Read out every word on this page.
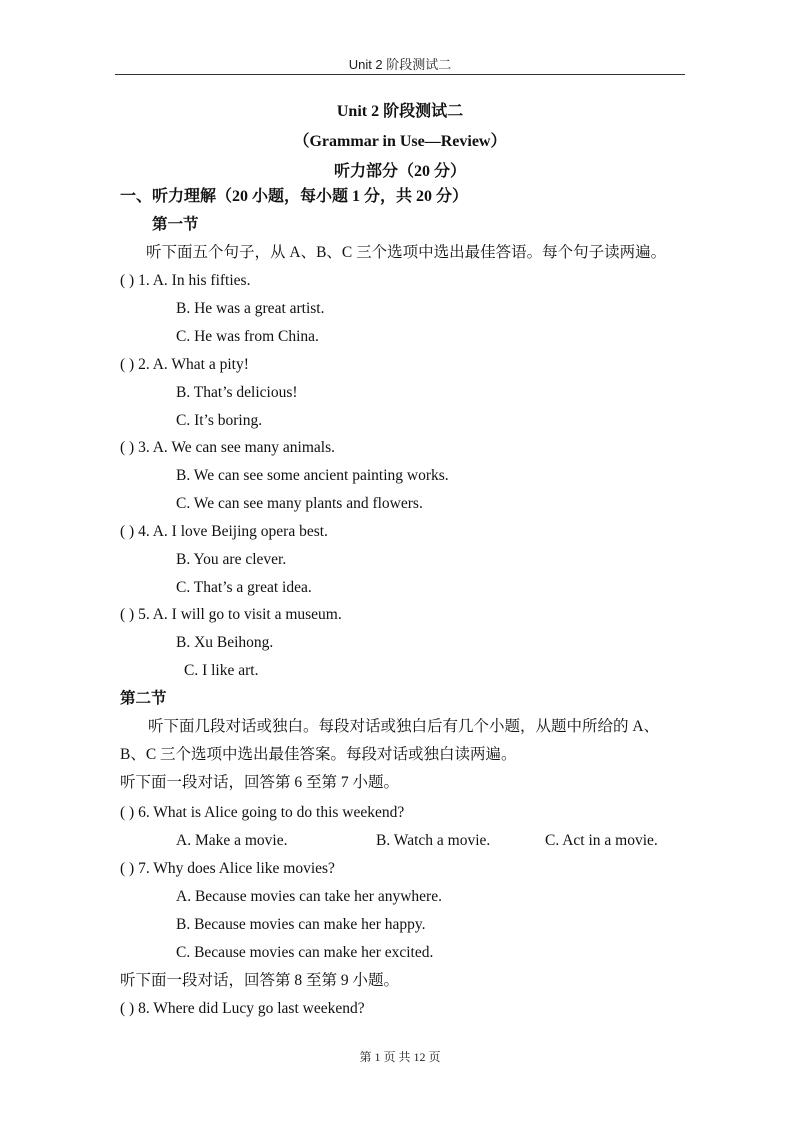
Unit 2 阶段测试二
Unit 2 阶段测试二
（Grammar in Use—Review）
听力部分（20 分）
一、听力理解（20 小题，每小题 1 分，共 20 分）
第一节
听下面五个句子，从 A、B、C 三个选项中选出最佳答语。每个句子读两遍。
( ) 1. A. In his fifties.
B. He was a great artist.
C. He was from China.
( ) 2. A. What a pity!
B. That’s delicious!
C. It’s boring.
( ) 3. A. We can see many animals.
B. We can see some ancient painting works.
C. We can see many plants and flowers.
( ) 4. A. I love Beijing opera best.
B. You are clever.
C. That’s a great idea.
( ) 5. A. I will go to visit a museum.
B. Xu Beihong.
C. I like art.
第二节
听下面几段对话或独白。每段对话或独白后有几个小题，从题中所给的 A、
B、C 三个选项中选出最佳答案。每段对话或独白读两遍。
听下面一段对话，回答第 6 至第 7 小题。
( ) 6. What is Alice going to do this weekend?
A. Make a movie.	B. Watch a movie.	C. Act in a movie.
( ) 7. Why does Alice like movies?
A. Because movies can take her anywhere.
B. Because movies can make her happy.
C. Because movies can make her excited.
听下面一段对话，回答第 8 至第 9 小题。
( ) 8. Where did Lucy go last weekend?
第 1 页 共 12 页
